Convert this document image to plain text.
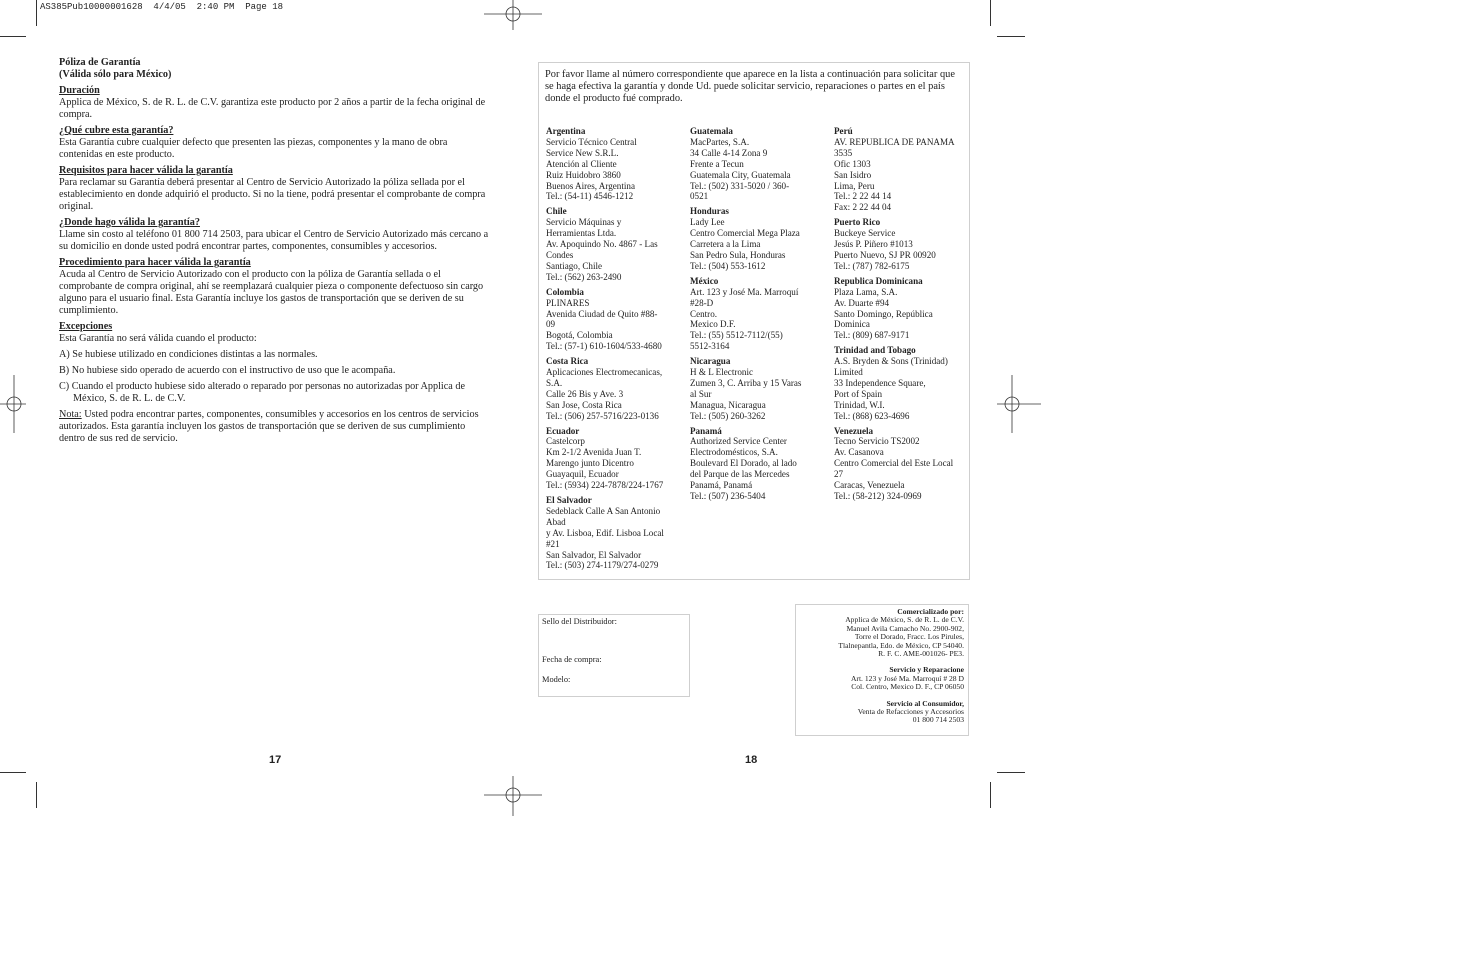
AS385Pub10000001628  4/4/05  2:40 PM  Page 18

Póliza de Garantía

(Válida sólo para México)

Duración

Applica de México, S. de R. L. de C.V. garantiza este producto por 2 años a partir de la fecha original de compra.

¿Qué cubre esta garantía?

Esta Garantía cubre cualquier defecto que presenten las piezas, componentes y la mano de obra contenidas en este producto.

Requisitos para hacer válida la garantía

Para reclamar su Garantía deberá presentar al Centro de Servicio Autorizado la póliza sellada por el establecimiento en donde adquirió el producto. Si no la tiene, podrá presentar el comprobante de compra original.

¿Donde hago válida la garantía?

Llame sin costo al teléfono 01 800 714 2503, para ubicar el Centro de Servicio Autorizado más cercano a su domicilio en donde usted podrá encontrar partes, componentes, consumibles y accesorios.

Procedimiento para hacer válida la garantía

Acuda al Centro de Servicio Autorizado con el producto con la póliza de Garantía sellada o el comprobante de compra original, ahí se reemplazará cualquier pieza o componente defectuoso sin cargo alguno para el usuario final. Esta Garantía incluye los gastos de transportación que se deriven de su cumplimiento.

Excepciones

Esta Garantía no será válida cuando el producto:

A) Se hubiese utilizado en condiciones distintas a las normales.

B) No hubiese sido operado de acuerdo con el instructivo de uso que le acompaña.

C) Cuando el producto hubiese sido alterado o reparado por personas no autorizadas por Applica de México, S. de R. L. de C.V.

Nota: Usted podra encontrar partes, componentes, consumibles y accesorios en los centros de servicios autorizados. Esta garantía incluyen los gastos de transportación que se deriven de sus cumplimiento dentro de sus red de servicio.

Por favor llame al número correspondiente que aparece en la lista a continuación para solicitar que se haga efectiva la garantía y donde Ud. puede solicitar servicio, reparaciones o partes en el país donde el producto fué comprado.
Argentina
Servicio Técnico Central
Service New S.R.L.
Atención al Cliente
Ruiz Huidobro 3860
Buenos Aires, Argentina
Tel.: (54-11) 4546-1212
Chile
Servicio Máquinas y
Herramientas Ltda.
Av. Apoquindo No. 4867 - Las
Condes
Santiago, Chile
Tel.: (562) 263-2490
Colombia
PLINARES
Avenida Ciudad de Quito #88-
09
Bogotá, Colombia
Tel.: (57-1) 610-1604/533-4680
Costa Rica
Aplicaciones Electromecanicas,
S.A.
Calle 26 Bis y Ave. 3
San Jose, Costa Rica
Tel.: (506) 257-5716/223-0136
Ecuador
Castelcorp
Km 2-1/2 Avenida Juan T.
Marengo junto Dicentro
Guayaquil, Ecuador
Tel.: (5934) 224-7878/224-1767
El Salvador
Sedeblack Calle A San Antonio
Abad
y Av. Lisboa, Edif. Lisboa Local
#21
San Salvador, El Salvador
Tel.: (503) 274-1179/274-0279
Guatemala
MacPartes, S.A.
34 Calle 4-14 Zona 9
Frente a Tecun
Guatemala City, Guatemala
Tel.: (502) 331-5020 / 360-
0521
Honduras
Lady Lee
Centro Comercial Mega Plaza
Carretera a la Lima
San Pedro Sula, Honduras
Tel.: (504) 553-1612
México
Art. 123 y José Ma. Marroquí
#28-D
Centro.
Mexico D.F.
Tel.: (55) 5512-7112/(55)
5512-3164
Nicaragua
H & L Electronic
Zumen 3, C. Arriba y 15 Varas
al Sur
Managua, Nicaragua
Tel.: (505) 260-3262
Panamá
Authorized Service Center
Electrodomésticos, S.A.
Boulevard El Dorado, al lado
del Parque de las Mercedes
Panamá, Panamá
Tel.: (507) 236-5404
Perú
AV. REPUBLICA DE PANAMA
3535
Ofic 1303
San Isidro
Lima, Peru
Tel.: 2 22 44 14
Fax: 2 22 44 04
Puerto Rico
Buckeye Service
Jesús P. Piñero #1013
Puerto Nuevo, SJ PR 00920
Tel.: (787) 782-6175
Republica Dominicana
Plaza Lama, S.A.
Av. Duarte #94
Santo Domingo, República
Dominica
Tel.: (809) 687-9171
Trinidad and Tobago
A.S. Bryden & Sons (Trinidad)
Limited
33 Independence Square,
Port of Spain
Trinidad, W.I.
Tel.: (868) 623-4696
Venezuela
Tecno Servicio TS2002
Av. Casanova
Centro Comercial del Este Local
27
Caracas, Venezuela
Tel.: (58-212) 324-0969
Sello del Distribuidor:
Fecha de compra:
Modelo:
Comercializado por:
Applica de México, S. de R. L. de C.V.
Manuel Avila Camacho No. 2900-902,
Torre el Dorado, Fracc. Los Pirules,
Tlalnepantla, Edo. de México, CP 54040.
R. F. C. AME-001026- PE3.
Servicio y Reparacione
Art. 123 y José Ma. Marroquí # 28 D
Col. Centro, Mexico D. F., CP 06050
Servicio al Consumidor,
Venta de Refacciones y Accesorios
01 800 714 2503
17	18
